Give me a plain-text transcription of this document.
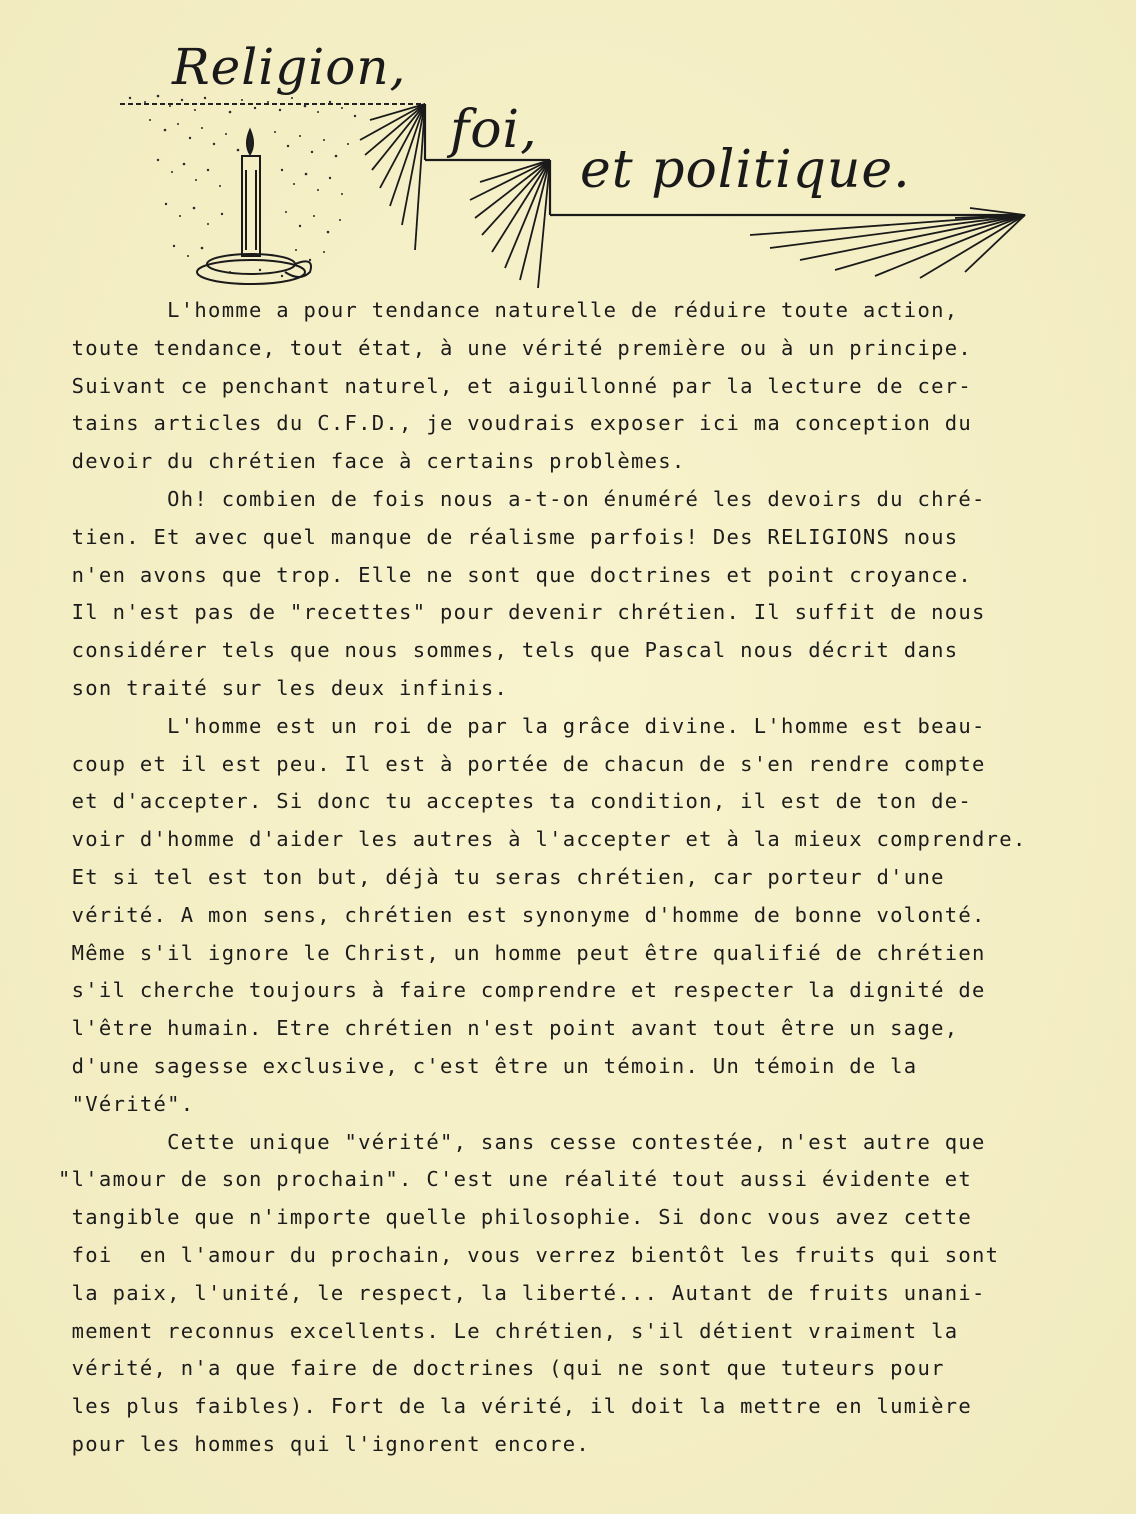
Religion,
foi,
et politique.
L'homme a pour tendance naturelle de réduire toute action,
toute tendance, tout état, à une vérité première ou à un principe.
Suivant ce penchant naturel, et aiguillonné par la lecture de cer-
tains articles du C.F.D., je voudrais exposer ici ma conception du
devoir du chrétien face à certains problèmes.
Oh! combien de fois nous a-t-on énuméré les devoirs du chré-
tien. Et avec quel manque de réalisme parfois! Des RELIGIONS nous
n'en avons que trop. Elle ne sont que doctrines et point croyance.
Il n'est pas de "recettes" pour devenir chrétien. Il suffit de nous
considérer tels que nous sommes, tels que Pascal nous décrit dans
son traité sur les deux infinis.
L'homme est un roi de par la grâce divine. L'homme est beau-
coup et il est peu. Il est à portée de chacun de s'en rendre compte
et d'accepter. Si donc tu acceptes ta condition, il est de ton de-
voir d'homme d'aider les autres à l'accepter et à la mieux comprendre.
Et si tel est ton but, déjà tu seras chrétien, car porteur d'une
vérité. A mon sens, chrétien est synonyme d'homme de bonne volonté.
Même s'il ignore le Christ, un homme peut être qualifié de chrétien
s'il cherche toujours à faire comprendre et respecter la dignité de
l'être humain. Etre chrétien n'est point avant tout être un sage,
d'une sagesse exclusive, c'est être un témoin. Un témoin de la
"Vérité".
Cette unique "vérité", sans cesse contestée, n'est autre que
"l'amour de son prochain". C'est une réalité tout aussi évidente et
tangible que n'importe quelle philosophie. Si donc vous avez cette
foi  en l'amour du prochain, vous verrez bientôt les fruits qui sont
la paix, l'unité, le respect, la liberté... Autant de fruits unani-
mement reconnus excellents. Le chrétien, s'il détient vraiment la
vérité, n'a que faire de doctrines (qui ne sont que tuteurs pour
les plus faibles). Fort de la vérité, il doit la mettre en lumière
pour les hommes qui l'ignorent encore.
